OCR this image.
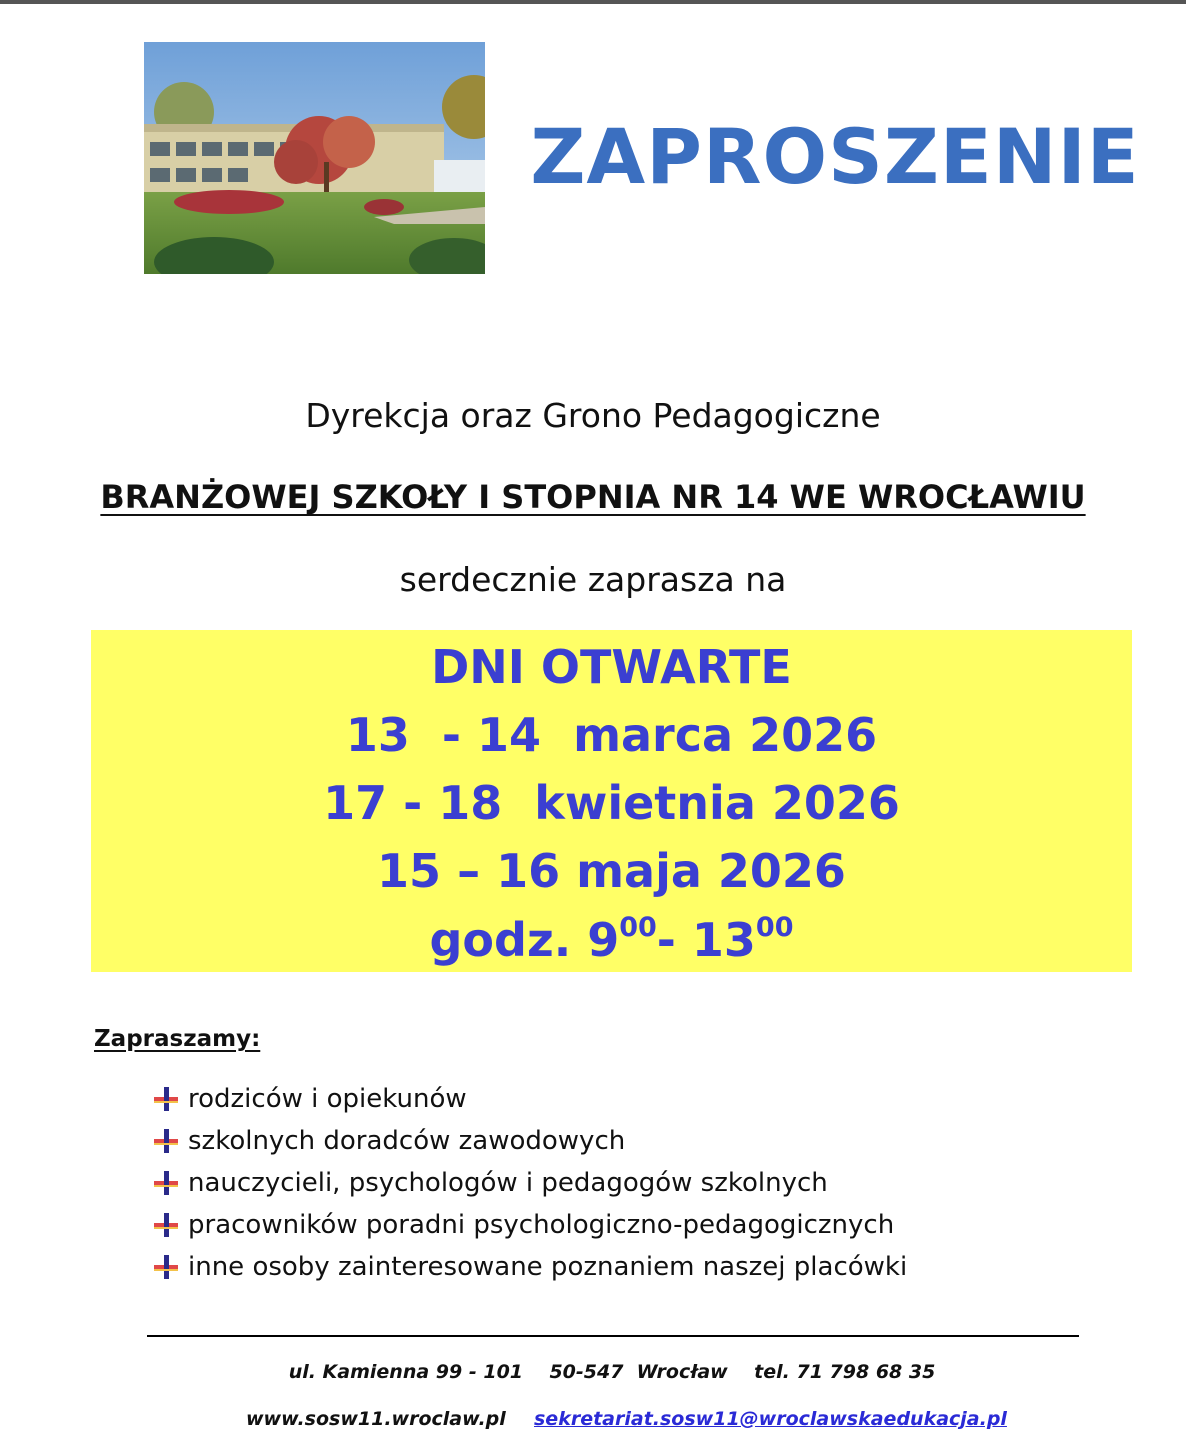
ZAPROSZENIE
Dyrekcja oraz Grono Pedagogiczne
BRANŻOWEJ SZKOŁY I STOPNIA NR 14 WE WROCŁAWIU
serdecznie zaprasza na
DNI OTWARTE
13  - 14  marca 2026
17 - 18  kwietnia 2026
15 – 16 maja 2026
godz. $9^{00}-$ $13^{00}$
Zapraszamy:
rodziców i opiekunów
szkolnych doradców zawodowych
nauczycieli, psychologów i pedagogów szkolnych
pracowników poradni psychologiczno-pedagogicznych
inne osoby zainteresowane poznaniem naszej placówki
ul. Kamienna 99 - 101    50-547  Wrocław    tel. 71 798 68 35
www.sosw11.wroclaw.pl sekretariat.sosw11@wroclawskaedukacja.pl
